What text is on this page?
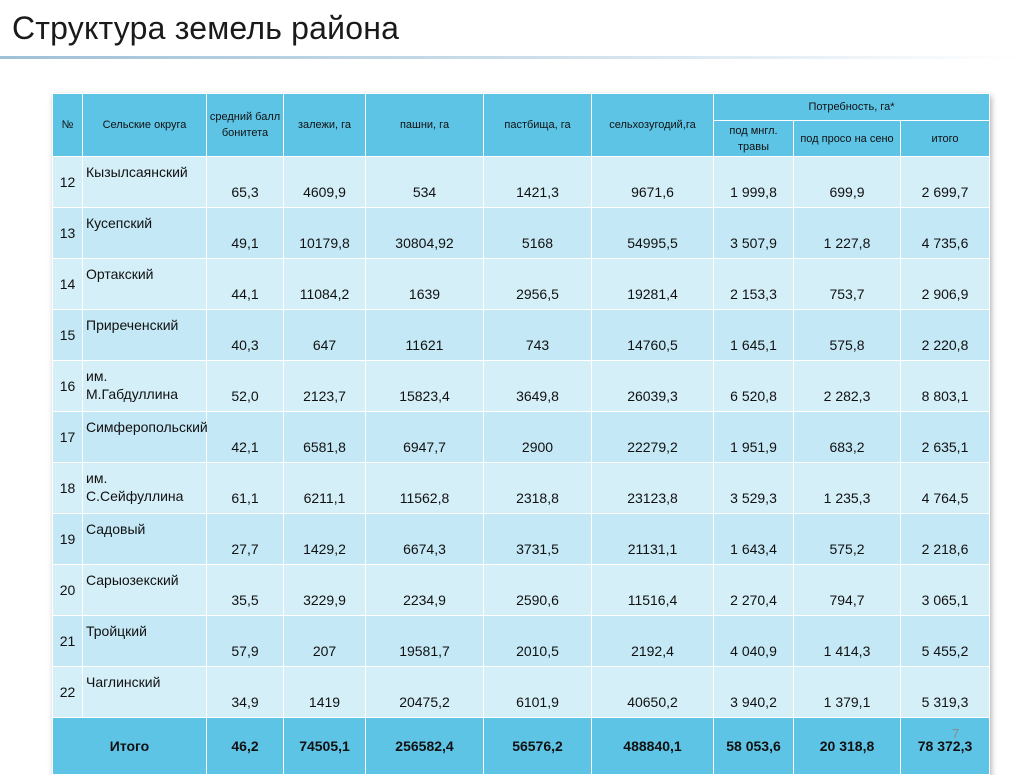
Структура земель района
№	Сельские округа	средний балл бонитета	залежи, га	пашни, га	пастбища, га	сельхозугодий,га	Потребность, га*		
							под мнгл. травы	под просо на сено	итого
12	Кызылсаянский	65,3	4609,9	534	1421,3	9671,6	1 999,8	699,9	2 699,7

13	Кусепский	49,1	10179,8	30804,92	5168	54995,5	3 507,9	1 227,8	4 735,6

14	Ортакский	44,1	11084,2	1639	2956,5	19281,4	2 153,3	753,7	2 906,9

15	Приреченский	40,3	647	11621	743	14760,5	1 645,1	575,8	2 220,8

16	им. М.Габдуллина	52,0	2123,7	15823,4	3649,8	26039,3	6 520,8	2 282,3	8 803,1

17	Симферопольский	42,1	6581,8	6947,7	2900	22279,2	1 951,9	683,2	2 635,1

18	им. С.Сейфуллина	61,1	6211,1	11562,8	2318,8	23123,8	3 529,3	1 235,3	4 764,5

19	Садовый	27,7	1429,2	6674,3	3731,5	21131,1	1 643,4	575,2	2 218,6

20	Сарыозекский	35,5	3229,9	2234,9	2590,6	11516,4	2 270,4	794,7	3 065,1

21	Тройцкий	57,9	207	19581,7	2010,5	2192,4	4 040,9	1 414,3	5 455,2

22	Чаглинский	34,9	1419	20475,2	6101,9	40650,2	3 940,2	1 379,1	5 319,3

Итого		46,2	74505,1	256582,4	56576,2	488840,1	58 053,6	20 318,8	78 372,3
7
